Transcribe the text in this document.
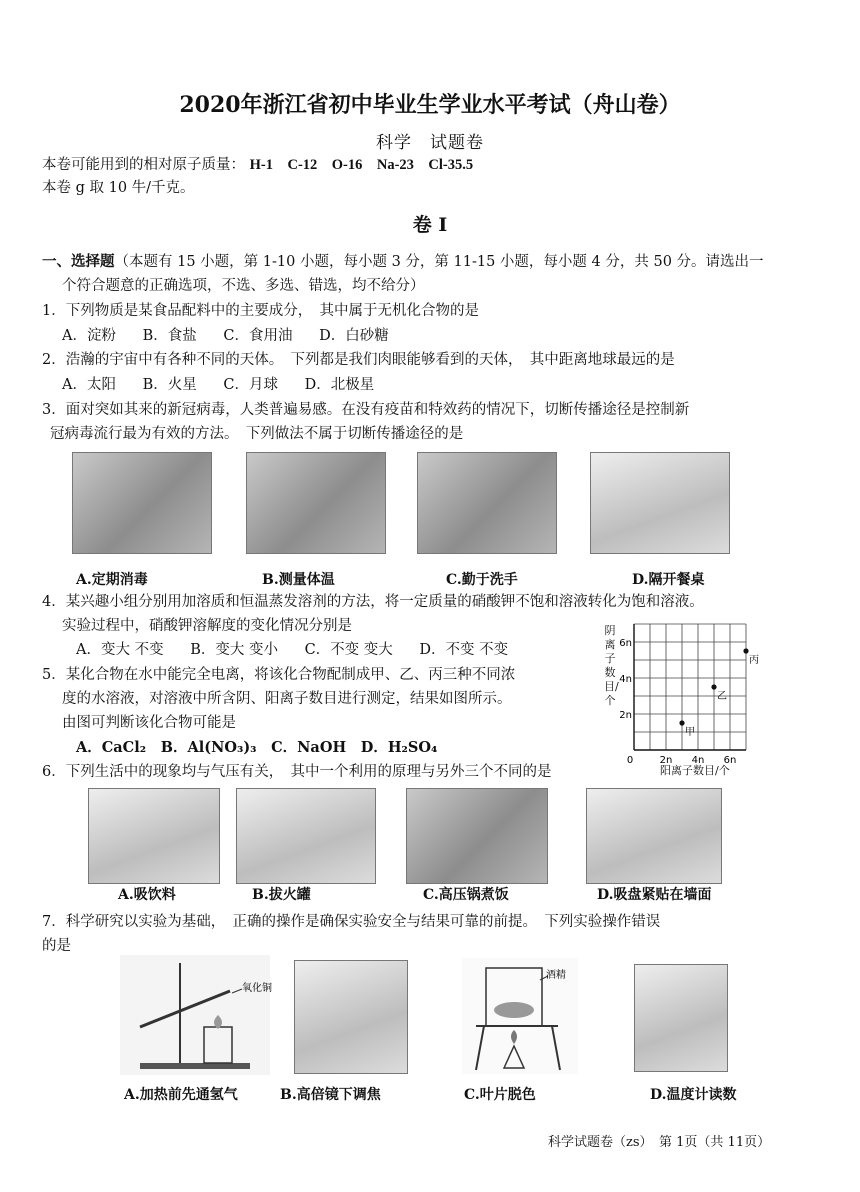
2020年浙江省初中毕业生学业水平考试（舟山卷）
科学　试题卷
本卷可能用到的相对原子质量： H-1　C-12　O-16　Na-23　Cl-35.5
本卷 g 取 10 牛/千克。
卷 Ⅰ
一、选择题（本题有 15 小题，第 1-10 小题，每小题 3 分，第 11-15 小题，每小题 4 分，共 50 分。请选出一
个符合题意的正确选项，不选、多选、错选，均不给分）
1．下列物质是某食品配料中的主要成分，　其中属于无机化合物的是
A．淀粉 B．食盐 C．食用油 D．白砂糖
2．浩瀚的宇宙中有各种不同的天体。　下列都是我们肉眼能够看到的天体，　其中距离地球最远的是
A．太阳 B．火星 C．月球 D．北极星
3．面对突如其来的新冠病毒，人类普遍易感。在没有疫苗和特效药的情况下，切断传播途径是控制新
冠病毒流行最为有效的方法。　下列做法不属于切断传播途径的是
A.定期消毒	B.测量体温	C.勤于洗手	D.隔开餐桌
4．某兴趣小组分别用加溶质和恒温蒸发溶剂的方法，将一定质量的硝酸钾不饱和溶液转化为饱和溶液。
实验过程中，硝酸钾溶解度的变化情况分别是
A．变大 不变 B．变大 变小 C．不变 变大 D．不变 不变
5．某化合物在水中能完全电离，将该化合物配制成甲、乙、丙三种不同浓
度的水溶液，对溶液中所含阴、阳离子数目进行测定，结果如图所示。
由图可判断该化合物可能是
A．CaCl₂ B．Al(NO₃)₃ C．NaOH D．H₂SO₄
阴离子数目/个
甲
乙
丙
0	2n 4n 6n
2n
4n
6n
阳离子数目/个
6．下列生活中的现象均与气压有关，　其中一个利用的原理与另外三个不同的是
A.吸饮料	B.拔火罐	C.高压锅煮饭	D.吸盘紧贴在墙面
7．科学研究以实验为基础，　正确的操作是确保实验安全与结果可靠的前提。　下列实验操作错误
的是
氧化铜
酒精
A.加热前先通氢气	B.高倍镜下调焦	C.叶片脱色	D.温度计读数
科学试题卷（zs）　第 1页（共 11页）
